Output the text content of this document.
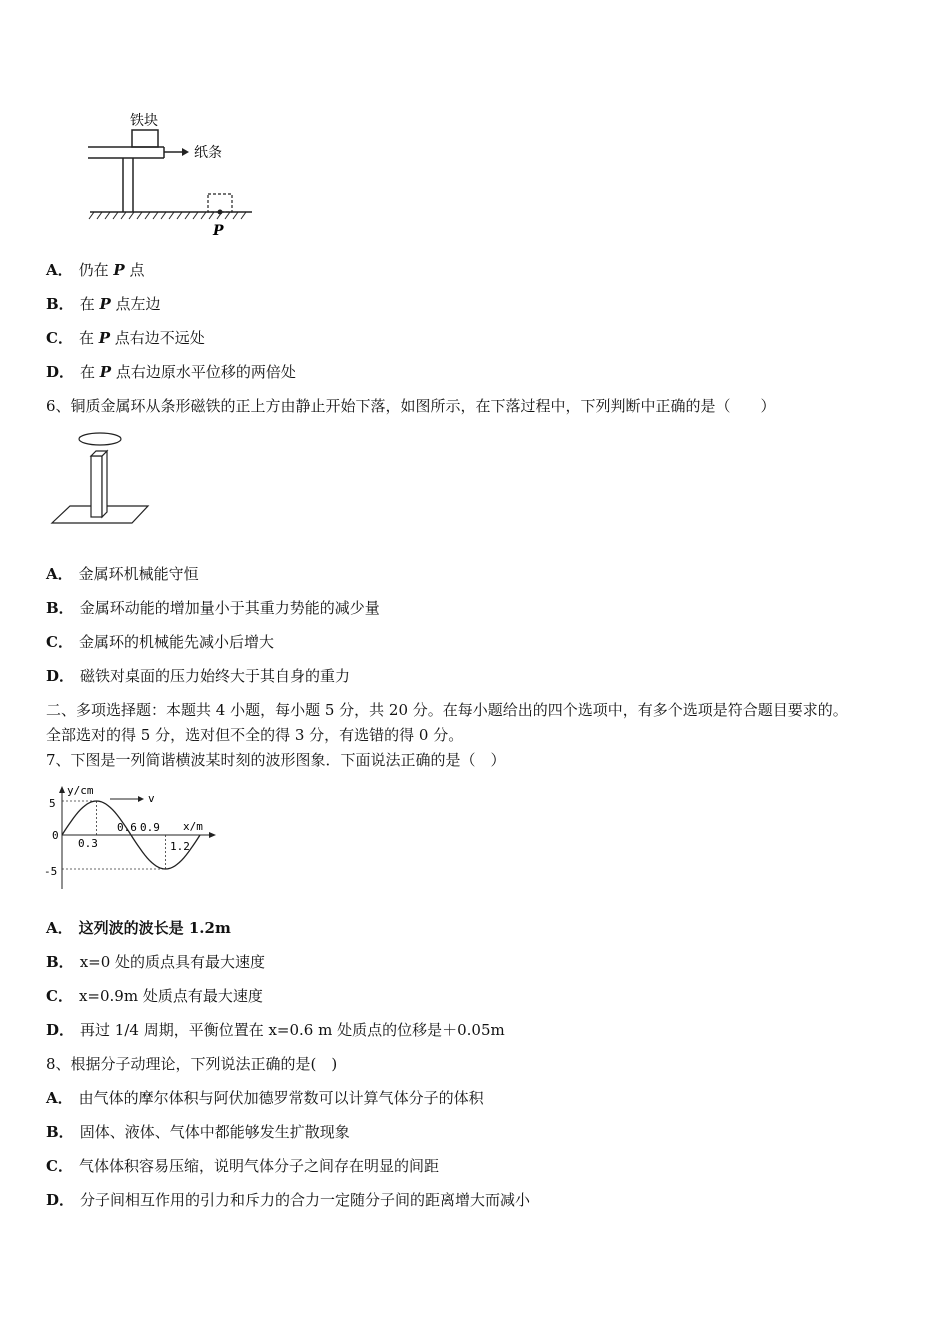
铁块
纸条
P
A． 仍在 P 点
B． 在 P 点左边
C． 在 P 点右边不远处
D． 在 P 点右边原水平位移的两倍处
6、铜质金属环从条形磁铁的正上方由静止开始下落，如图所示，在下落过程中，下列判断中正确的是（　　）
A． 金属环机械能守恒
B． 金属环动能的增加量小于其重力势能的减少量
C． 金属环的机械能先减小后增大
D． 磁铁对桌面的压力始终大于其自身的重力
二、多项选择题：本题共 4 小题，每小题 5 分，共 20 分。在每小题给出的四个选项中，有多个选项是符合题目要求的。
全部选对的得 5 分，选对但不全的得 3 分，有选错的得 0 分。
7、下图是一列简谐横波某时刻的波形图象．下面说法正确的是（　）
v
y/cm
x/m
0
5
-5
0.3
0.6 0.9
1.2
A． 这列波的波长是 1.2m
B． x=0 处的质点具有最大速度
C． x=0.9m 处质点有最大速度
D． 再过 1/4 周期，平衡位置在 x=0.6 m 处质点的位移是＋0.05m
8、根据分子动理论，下列说法正确的是(　)
A． 由气体的摩尔体积与阿伏加德罗常数可以计算气体分子的体积
B． 固体、液体、气体中都能够发生扩散现象
C． 气体体积容易压缩，说明气体分子之间存在明显的间距
D． 分子间相互作用的引力和斥力的合力一定随分子间的距离增大而减小
